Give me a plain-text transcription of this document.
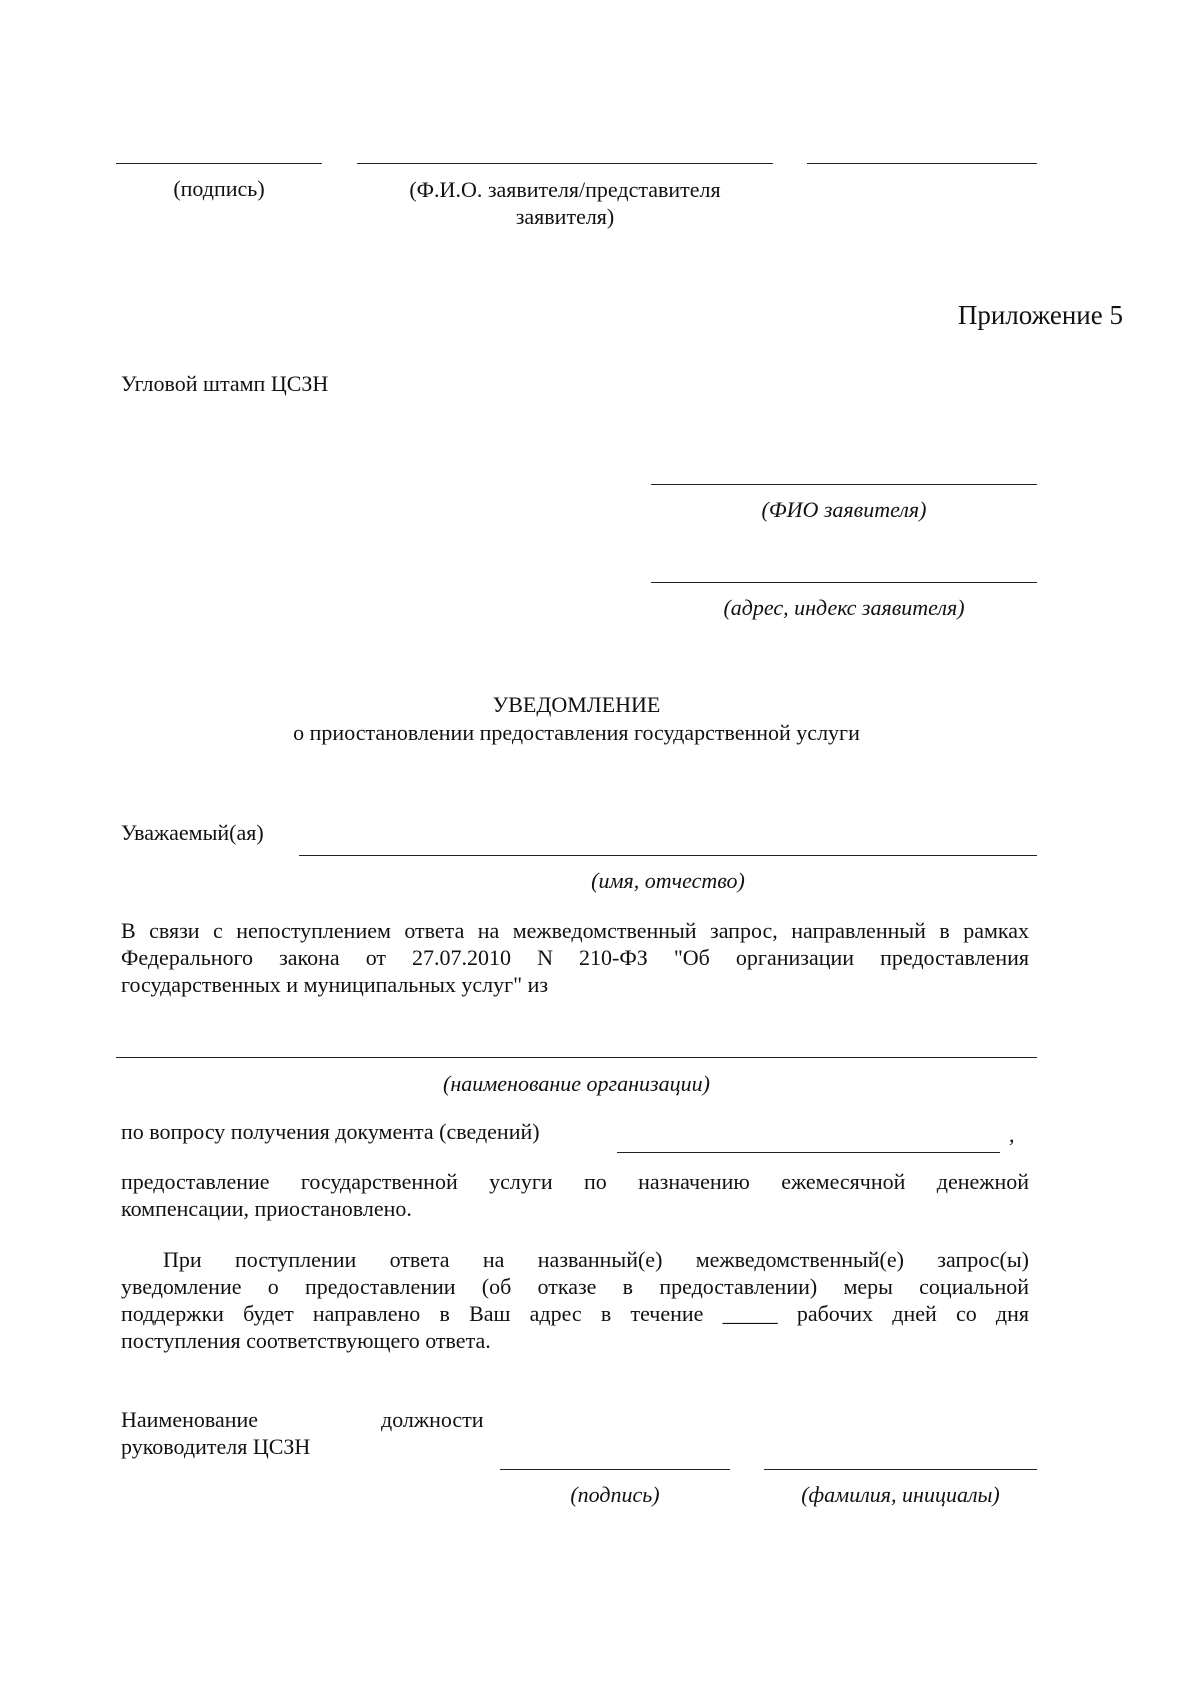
(подпись)	(Ф.И.О. заявителя/представителя
заявителя)
Приложение 5
Угловой штамп ЦСЗН
(ФИО заявителя)
(адрес, индекс заявителя)
УВЕДОМЛЕНИЕ
о приостановлении предоставления государственной услуги
Уважаемый(ая)
(имя, отчество)
В связи с непоступлением ответа на межведомственный запрос, направленный в рамках
Федерального закона от 27.07.2010 N 210-ФЗ "Об организации предоставления
государственных и муниципальных услуг" из
(наименование организации)
по вопросу получения документа (сведений)	,
предоставление государственной услуги по назначению ежемесячной денежной
компенсации, приостановлено.
При поступлении ответа на названный(е) межведомственный(е) запрос(ы)
уведомление о предоставлении (об отказе в предоставлении) меры социальной
поддержки будет направлено в Ваш адрес в течение _____ рабочих дней со дня
поступления соответствующего ответа.
Наименование	должности
руководителя ЦСЗН
(подпись)	(фамилия, инициалы)
